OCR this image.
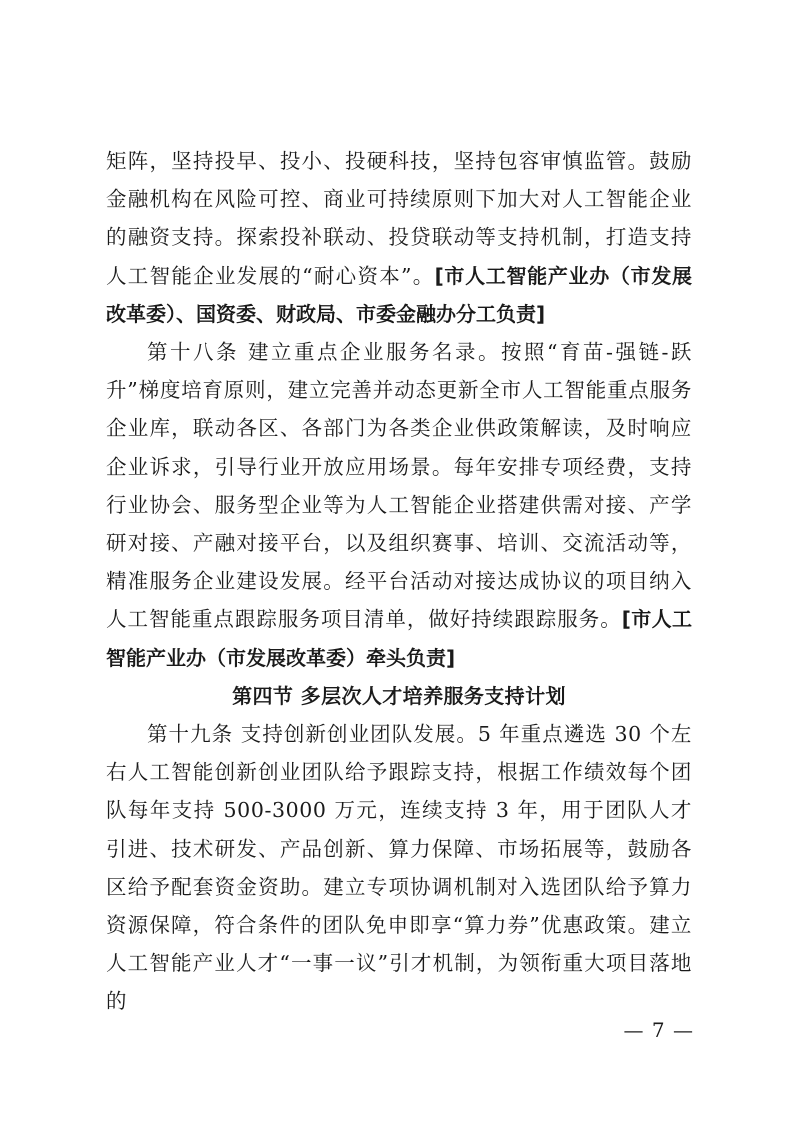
矩阵，坚持投早、投小、投硬科技，坚持包容审慎监管。鼓励金融机构在风险可控、商业可持续原则下加大对人工智能企业的融资支持。探索投补联动、投贷联动等支持机制，打造支持人工智能企业发展的“耐心资本”。[市人工智能产业办（市发展改革委）、国资委、财政局、市委金融办分工负责]

第十八条 建立重点企业服务名录。按照“育苗-强链-跃升”梯度培育原则，建立完善并动态更新全市人工智能重点服务企业库，联动各区、各部门为各类企业供政策解读，及时响应企业诉求，引导行业开放应用场景。每年安排专项经费，支持行业协会、服务型企业等为人工智能企业搭建供需对接、产学研对接、产融对接平台，以及组织赛事、培训、交流活动等，精准服务企业建设发展。经平台活动对接达成协议的项目纳入人工智能重点跟踪服务项目清单，做好持续跟踪服务。[市人工智能产业办（市发展改革委）牵头负责]

第四节 多层次人才培养服务支持计划

第十九条 支持创新创业团队发展。5 年重点遴选 30 个左右人工智能创新创业团队给予跟踪支持，根据工作绩效每个团队每年支持 500-3000 万元，连续支持 3 年，用于团队人才引进、技术研发、产品创新、算力保障、市场拓展等，鼓励各区给予配套资金资助。建立专项协调机制对入选团队给予算力资源保障，符合条件的团队免申即享“算力券”优惠政策。建立人工智能产业人才“一事一议”引才机制，为领衔重大项目落地的

— 7 —
